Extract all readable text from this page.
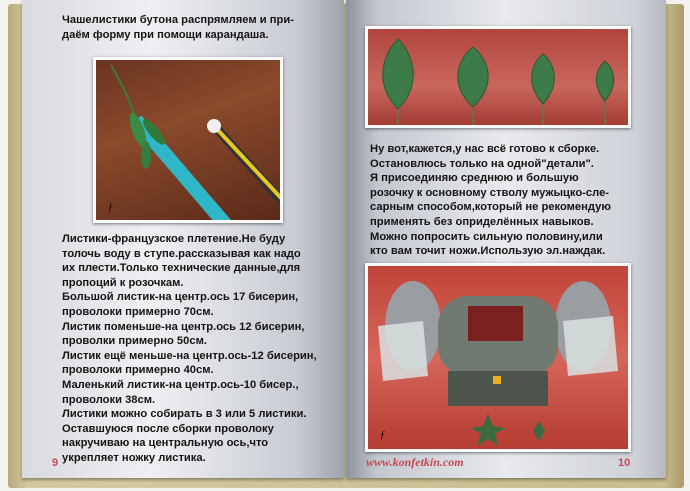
Чашелистики бутона распрямляем и при-
даём форму при помощи карандаша.
ƒ
Листики-французское плетение.Не буду
толочь воду в ступе.рассказывая как надо
их плести.Только технические данные,для
пропоций к розочкам.
Большой листик-на центр.ось 17 бисерин,
проволоки примерно 70см.
Листик поменьше-на центр.ось 12 бисерин,
проволки примерно 50см.
Листик ещё меньше-на центр.ось-12 бисерин,
проволоки примерно 40см.
Маленький листик-на центр.ось-10 бисер.,
проволоки 38см.
Листики можно собирать в 3 или 5 листики.
Оставшуюся после сборки проволоку
накручиваю на центральную ось,что
укрепляет ножку листика.
9
Ну вот,кажется,у нас всё готово к сборке.
Остановлюсь только на одной"детали".
Я присоединяю среднюю и большую
розочку к основному стволу мужыцко-сле-
сарным способом,который не рекомендую
применять без опpиделённых навыков.
Можно попросить сильную половину,или
кто вам точит ножи.Использую эл.наждак.
ƒ
www.konfetkin.com	10
